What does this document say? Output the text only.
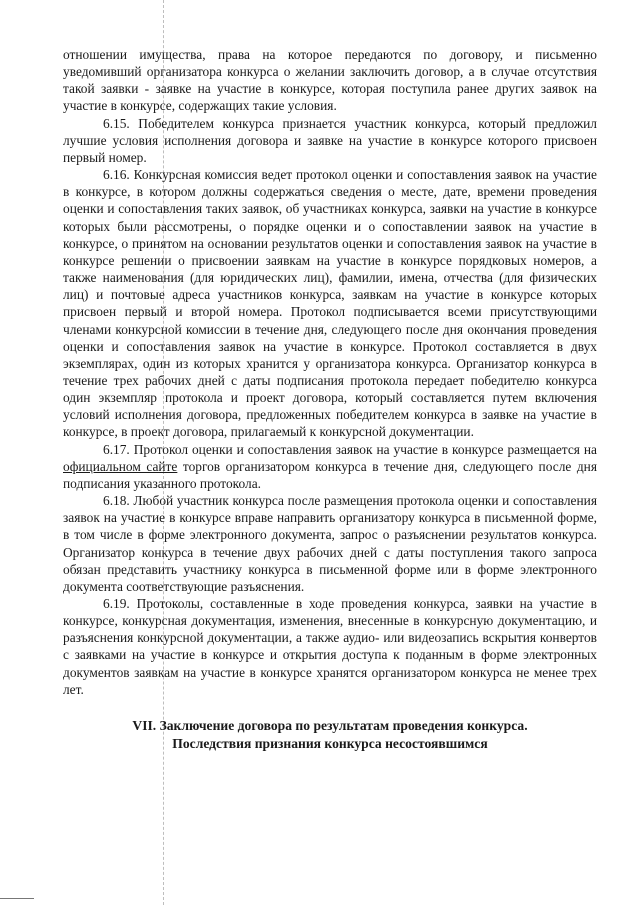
отношении имущества, права на которое передаются по договору, и письменно уведомивший организатора конкурса о желании заключить договор, а в случае отсутствия такой заявки - заявке на участие в конкурсе, которая поступила ранее других заявок на участие в конкурсе, содержащих такие условия.

6.15. Победителем конкурса признается участник конкурса, который предложил лучшие условия исполнения договора и заявке на участие в конкурсе которого присвоен первый номер.

6.16. Конкурсная комиссия ведет протокол оценки и сопоставления заявок на участие в конкурсе, в котором должны содержаться сведения о месте, дате, времени проведения оценки и сопоставления таких заявок, об участниках конкурса, заявки на участие в конкурсе которых были рассмотрены, о порядке оценки и о сопоставлении заявок на участие в конкурсе, о принятом на основании результатов оценки и сопоставления заявок на участие в конкурсе решении о присвоении заявкам на участие в конкурсе порядковых номеров, а также наименования (для юридических лиц), фамилии, имена, отчества (для физических лиц) и почтовые адреса участников конкурса, заявкам на участие в конкурсе которых присвоен первый и второй номера. Протокол подписывается всеми присутствующими членами конкурсной комиссии в течение дня, следующего после дня окончания проведения оценки и сопоставления заявок на участие в конкурсе. Протокол составляется в двух экземплярах, один из которых хранится у организатора конкурса. Организатор конкурса в течение трех рабочих дней с даты подписания протокола передает победителю конкурса один экземпляр протокола и проект договора, который составляется путем включения условий исполнения договора, предложенных победителем конкурса в заявке на участие в конкурсе, в проект договора, прилагаемый к конкурсной документации.

6.17. Протокол оценки и сопоставления заявок на участие в конкурсе размещается на официальном сайте торгов организатором конкурса в течение дня, следующего после дня подписания указанного протокола.

6.18. Любой участник конкурса после размещения протокола оценки и сопоставления заявок на участие в конкурсе вправе направить организатору конкурса в письменной форме, в том числе в форме электронного документа, запрос о разъяснении результатов конкурса. Организатор конкурса в течение двух рабочих дней с даты поступления такого запроса обязан представить участнику конкурса в письменной форме или в форме электронного документа соответствующие разъяснения.

6.19. Протоколы, составленные в ходе проведения конкурса, заявки на участие в конкурсе, конкурсная документация, изменения, внесенные в конкурсную документацию, и разъяснения конкурсной документации, а также аудио- или видеозапись вскрытия конвертов с заявками на участие в конкурсе и открытия доступа к поданным в форме электронных документов заявкам на участие в конкурсе хранятся организатором конкурса не менее трех лет.

VII. Заключение договора по результатам проведения конкурса.
Последствия признания конкурса несостоявшимся
